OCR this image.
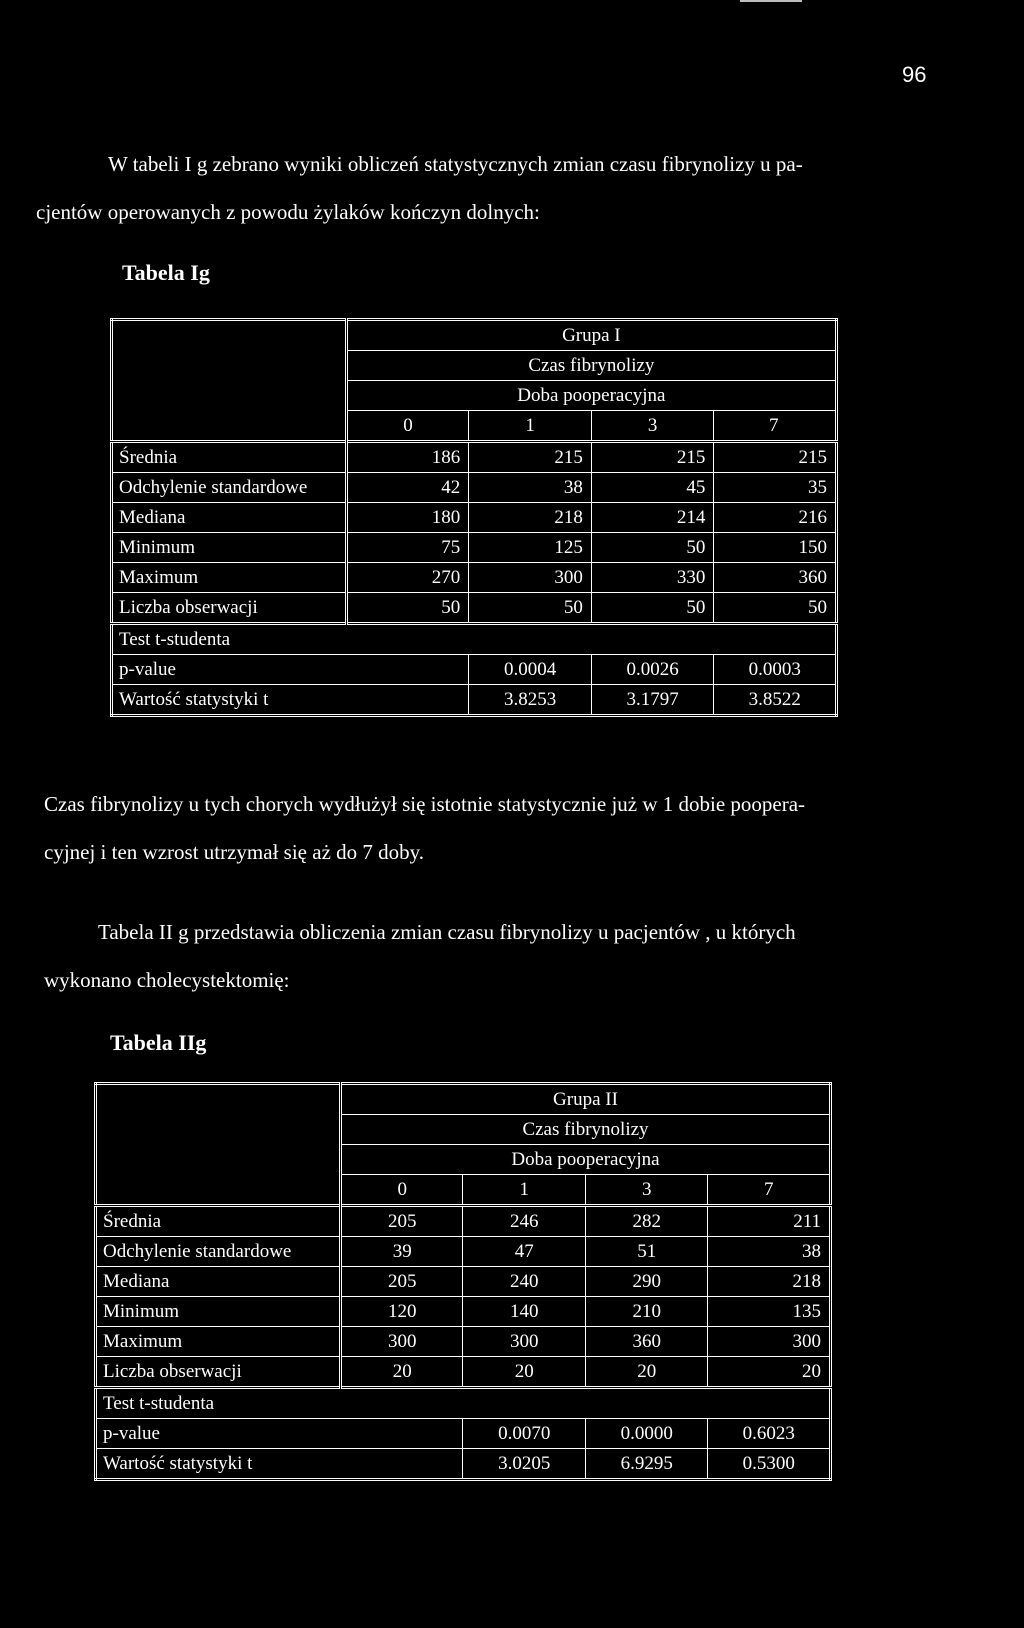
96
W tabeli I g zebrano wyniki obliczeń statystycznych zmian czasu fibrynolizy u pa-
cjentów operowanych z powodu żylaków kończyn dolnych:
Tabela Ig
	Grupa I			
	Czas fibrynolizy			
	Doba pooperacyjna			
	0	1	3	7
Średnia	186	215	215	215
Odchylenie standardowe	42	38	45	35
Mediana	180	218	214	216
Minimum	75	125	50	150
Maximum	270	300	330	360
Liczba obserwacji	50	50	50	50
Test t-studenta				
p-value		0.0004	0.0026	0.0003
Wartość statystyki t		3.8253	3.1797	3.8522
Czas fibrynolizy u tych chorych wydłużył się istotnie statystycznie już w 1 dobie poopera-
cyjnej i ten wzrost utrzymał się aż do 7 doby.
Tabela II g przedstawia obliczenia zmian czasu fibrynolizy u pacjentów , u których
wykonano cholecystektomię:
Tabela IIg
	Grupa II			
	Czas fibrynolizy			
	Doba pooperacyjna			
	0	1	3	7
Średnia	205	246	282	211
Odchylenie standardowe	39	47	51	38
Mediana	205	240	290	218
Minimum	120	140	210	135
Maximum	300	300	360	300
Liczba obserwacji	20	20	20	20
Test t-studenta				
p-value		0.0070	0.0000	0.6023
Wartość statystyki t		3.0205	6.9295	0.5300
